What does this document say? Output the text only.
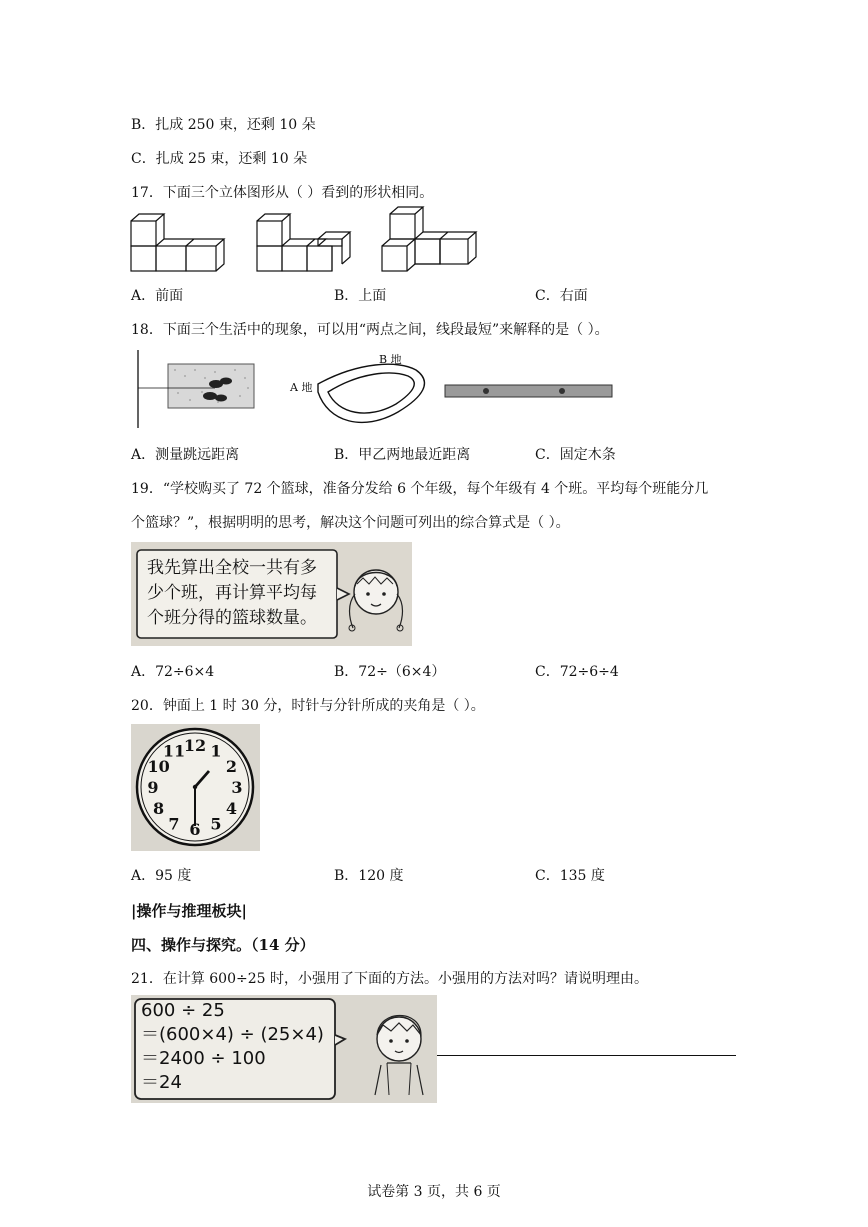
B．扎成 250 束，还剩 10 朵
C．扎成 25 束，还剩 10 朵
17．下面三个立体图形从（ ）看到的形状相同。
A．前面	B．上面	C．右面
18．下面三个生活中的现象，可以用“两点之间，线段最短”来解释的是（ ）。
A 地
B 地
A．测量跳远距离	B．甲乙两地最近距离	C．固定木条
19．“学校购买了 72 个篮球，准备分发给 6 个年级，每个年级有 4 个班。平均每个班能分几
个篮球？”，根据明明的思考，解决这个问题可列出的综合算式是（ ）。
我先算出全校一共有多
少个班，再计算平均每
个班分得的篮球数量。
A．72÷6×4	B．72÷（6×4）	C．72÷6÷4
20．钟面上 1 时 30 分，时针与分针所成的夹角是（ ）。
12 1
2
3
4
5
6
7
8
9
10
11
A．95 度	B．120 度	C．135 度
|操作与推理板块|
四、操作与探究。（14 分）
21．在计算 600÷25 时，小强用了下面的方法。小强用的方法对吗？请说明理由。
600 ÷ 25
＝(600×4) ÷ (25×4)
＝2400 ÷ 100
＝24
试卷第 3 页，共 6 页
